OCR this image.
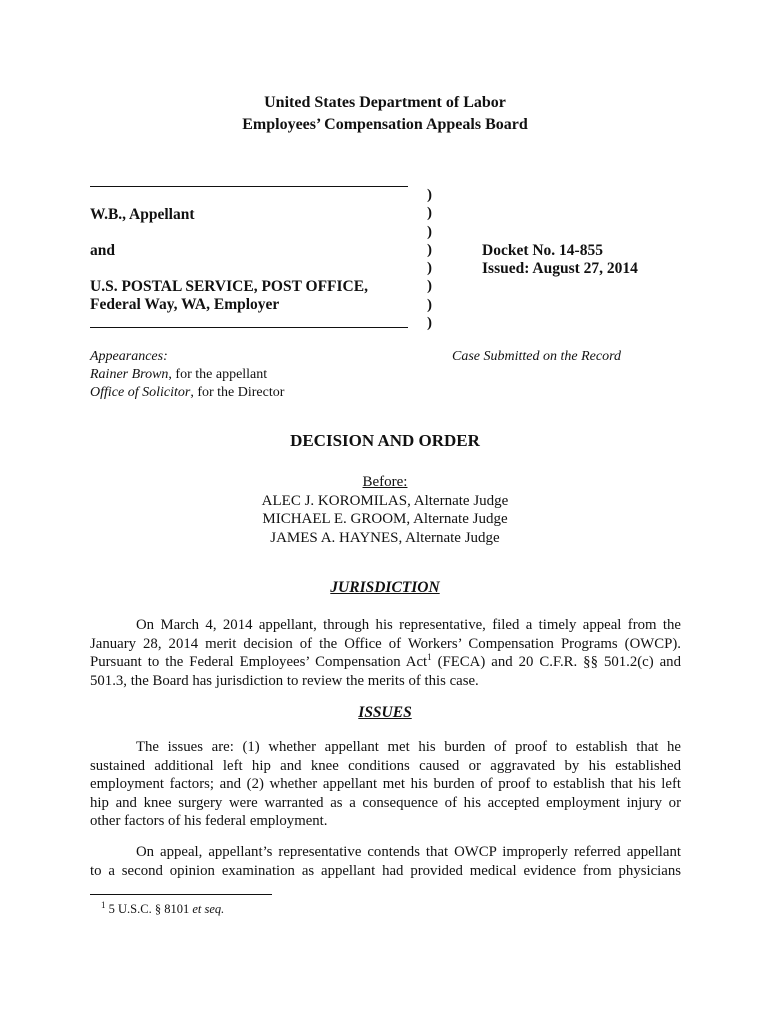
United States Department of Labor
Employees’ Compensation Appeals Board
W.B., Appellant
and
U.S. POSTAL SERVICE, POST OFFICE,
Federal Way, WA, Employer
)
)
)
)
)
)
)
)
Docket No. 14-855
Issued: August 27, 2014
Appearances:
Rainer Brown, for the appellant
Office of Solicitor, for the Director
Case Submitted on the Record
DECISION AND ORDER
Before:
ALEC J. KOROMILAS, Alternate Judge
MICHAEL E. GROOM, Alternate Judge
JAMES A. HAYNES, Alternate Judge
JURISDICTION
On March 4, 2014 appellant, through his representative, filed a timely appeal from the
January 28, 2014 merit decision of the Office of Workers’ Compensation Programs (OWCP).
Pursuant to the Federal Employees’ Compensation Act$^1$ (FECA) and 20 C.F.R. §§ 501.2(c) and
501.3, the Board has jurisdiction to review the merits of this case.
ISSUES
The issues are: (1) whether appellant met his burden of proof to establish that he
sustained additional left hip and knee conditions caused or aggravated by his established
employment factors; and (2) whether appellant met his burden of proof to establish that his left
hip and knee surgery were warranted as a consequence of his accepted employment injury or
other factors of his federal employment.
On appeal, appellant’s representative contends that OWCP improperly referred appellant
to a second opinion examination as appellant had provided medical evidence from physicians
$^1$ 5 U.S.C. § 8101 et seq.
